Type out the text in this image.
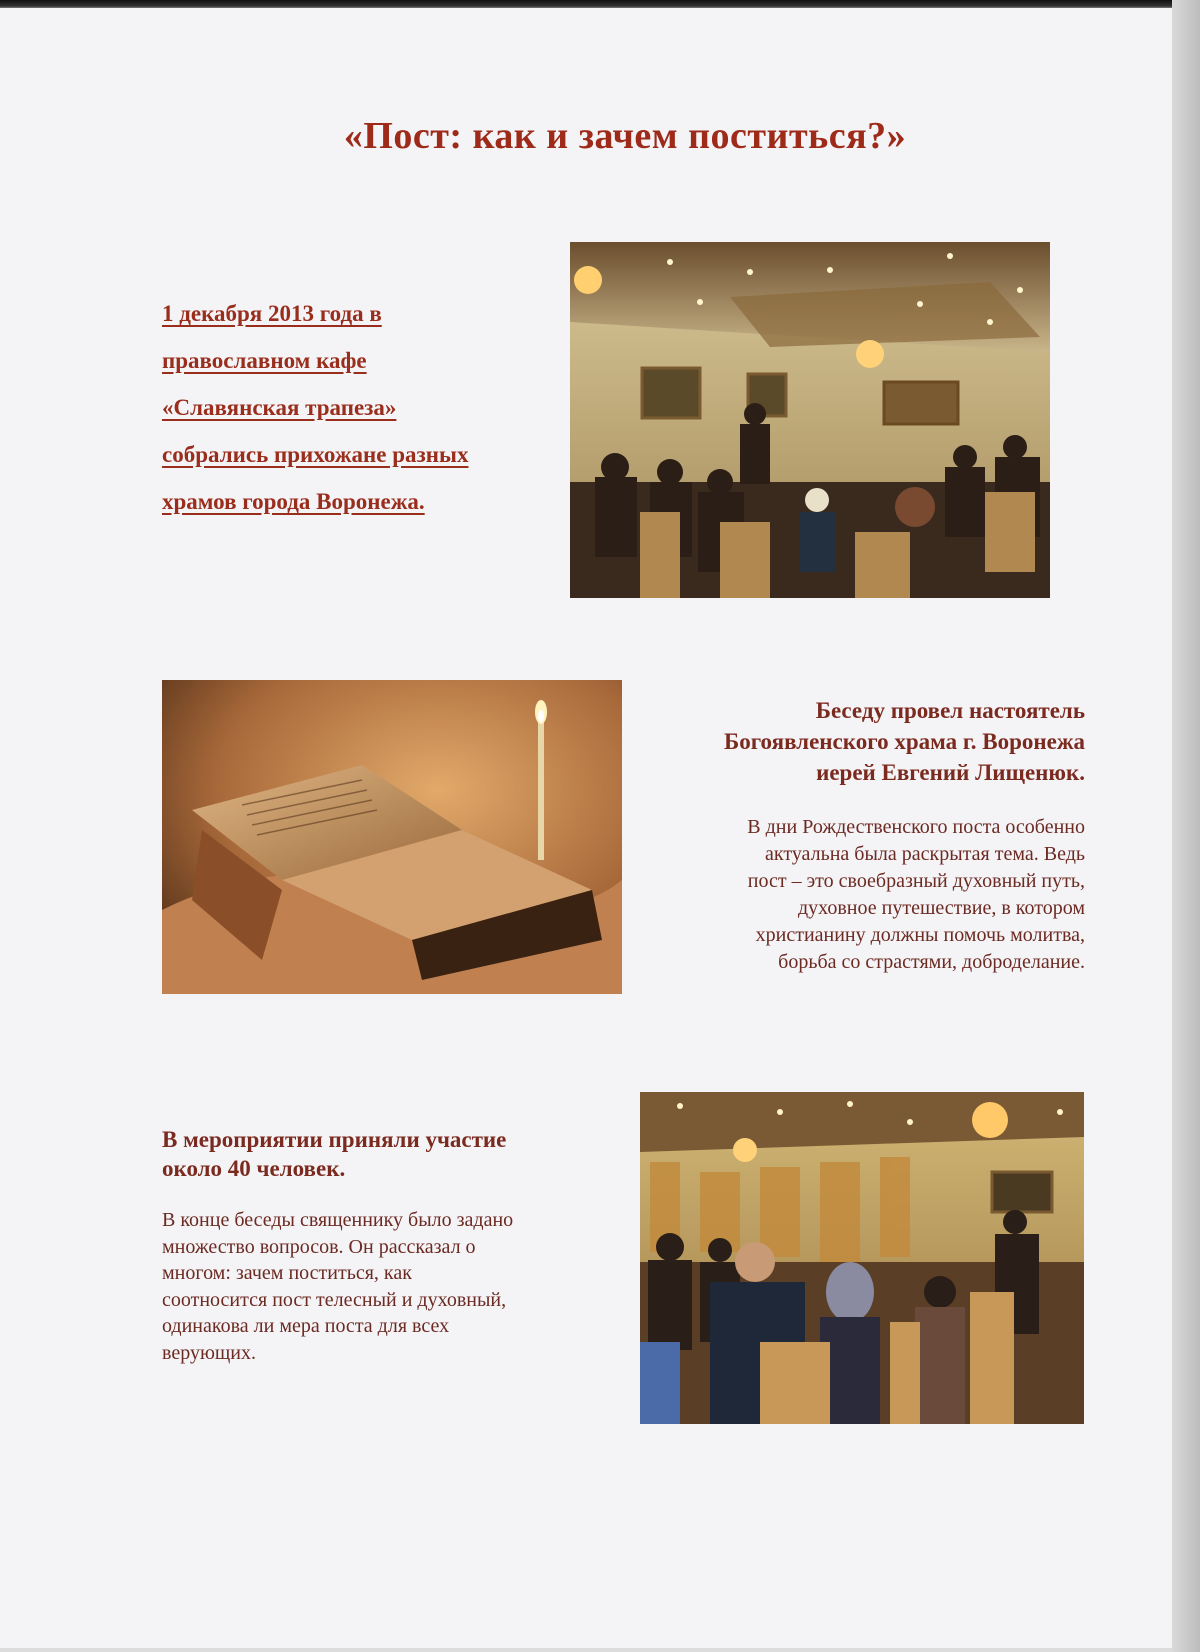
«Пост: как и зачем поститься?»
1 декабря 2013 года в
православном кафе
«Славянская трапеза»
собрались прихожане разных
храмов города Воронежа.
Беседу провел настоятель
Богоявленского храма г. Воронежа
иерей Евгений Лищенюк.
В дни Рождественского поста особенно
актуальна была раскрытая тема. Ведь
пост – это своебразный духовный путь,
духовное путешествие, в котором
христианину должны помочь молитва,
борьба со страстями, доброделание.
В мероприятии приняли участие
около 40 человек.
В конце беседы священнику было задано
множество вопросов. Он рассказал о
многом: зачем поститься, как
соотносится пост телесный и духовный,
одинакова ли мера поста для всех
верующих.
